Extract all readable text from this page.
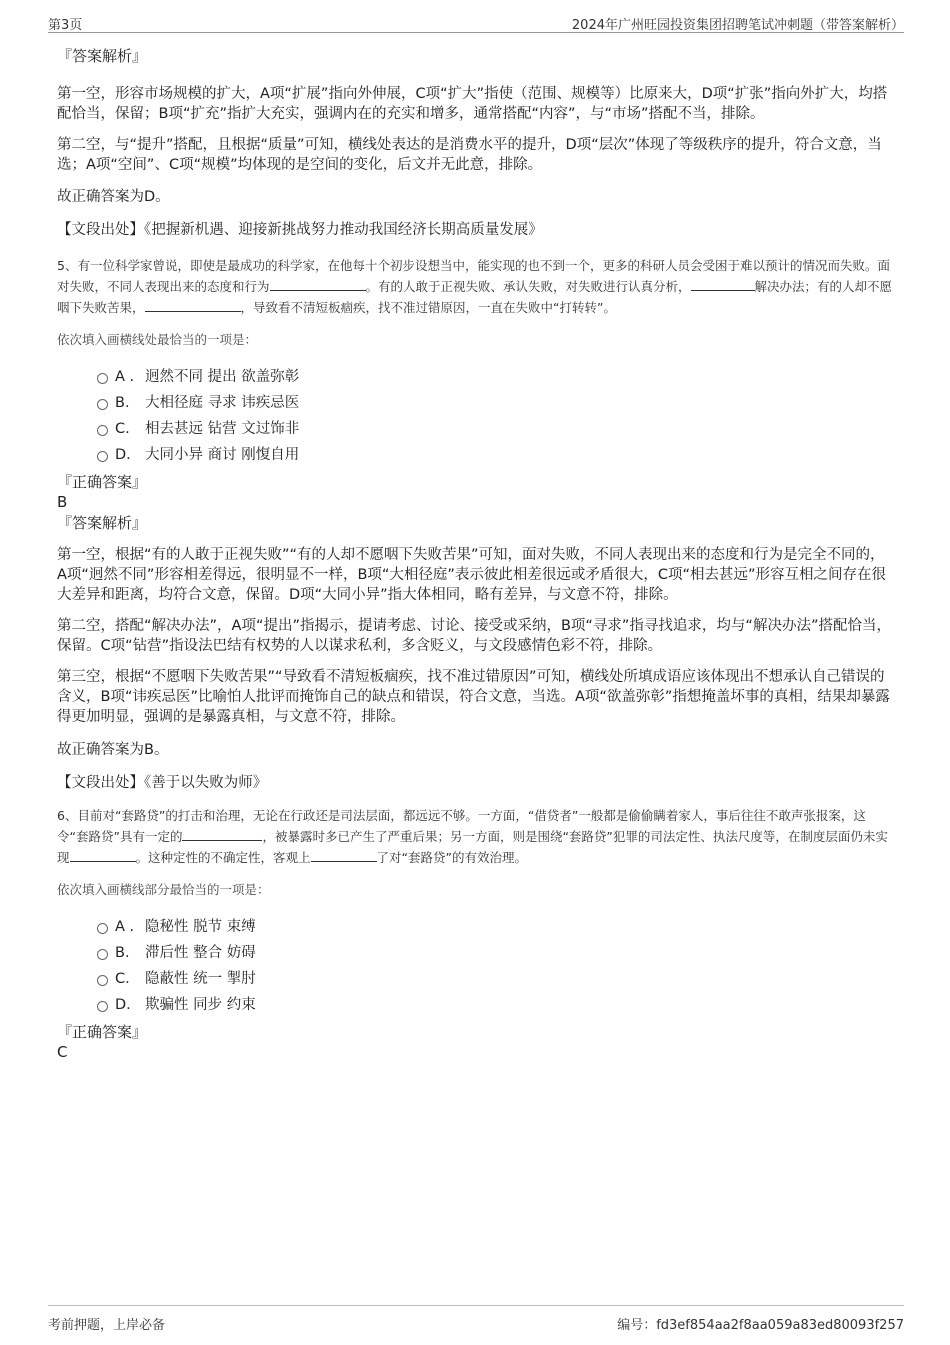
第3页	2024年广州旺园投资集团招聘笔试冲刺题（带答案解析）
『答案解析』

第一空，形容市场规模的扩大，A项“扩展”指向外伸展，C项“扩大”指使（范围、规模等）比原来大，D项“扩张”指向外扩大，均搭配恰当，保留；B项“扩充”指扩大充实，强调内在的充实和增多，通常搭配“内容”，与“市场”搭配不当，排除。

第二空，与“提升”搭配，且根据“质量”可知，横线处表达的是消费水平的提升，D项“层次”体现了等级秩序的提升，符合文意，当选；A项“空间”、C项“规模”均体现的是空间的变化，后文并无此意，排除。

故正确答案为D。

【文段出处】《把握新机遇、迎接新挑战努力推动我国经济长期高质量发展》

5、有一位科学家曾说，即使是最成功的科学家，在他每十个初步设想当中，能实现的也不到一个，更多的科研人员会受困于难以预计的情况而失败。面对失败，不同人表现出来的态度和行为	。有的人敢于正视失败、承认失败，对失败进行认真分析，	解决办法；有的人却不愿咽下失败苦果，	，导致看不清短板痼疾，找不准过错原因，一直在失败中“打转转”。

依次填入画横线处最恰当的一项是：

A . 迥然不同 提出 欲盖弥彰
B. 大相径庭 寻求 讳疾忌医
C. 相去甚远 钻营 文过饰非
D. 大同小异 商讨 刚愎自用
『正确答案』
B
『答案解析』

第一空，根据“有的人敢于正视失败”“有的人却不愿咽下失败苦果”可知，面对失败，不同人表现出来的态度和行为是完全不同的，A项“迥然不同”形容相差得远，很明显不一样，B项“大相径庭”表示彼此相差很远或矛盾很大，C项“相去甚远”形容互相之间存在很大差异和距离，均符合文意，保留。D项“大同小异”指大体相同，略有差异，与文意不符，排除。

第二空，搭配“解决办法”，A项“提出”指揭示，提请考虑、讨论、接受或采纳，B项“寻求”指寻找追求，均与“解决办法”搭配恰当，保留。C项“钻营”指设法巴结有权势的人以谋求私利，多含贬义，与文段感情色彩不符，排除。

第三空，根据“不愿咽下失败苦果”“导致看不清短板痼疾，找不准过错原因”可知，横线处所填成语应该体现出不想承认自己错误的含义，B项“讳疾忌医”比喻怕人批评而掩饰自己的缺点和错误，符合文意，当选。A项“欲盖弥彰”指想掩盖坏事的真相，结果却暴露得更加明显，强调的是暴露真相，与文意不符，排除。

故正确答案为B。

【文段出处】《善于以失败为师》

6、目前对“套路贷”的打击和治理，无论在行政还是司法层面，都远远不够。一方面，“借贷者”一般都是偷偷瞒着家人，事后往往不敢声张报案，这令“套路贷”具有一定的	，被暴露时多已产生了严重后果；另一方面，则是围绕“套路贷”犯罪的司法定性、执法尺度等，在制度层面仍未实现	。这种定性的不确定性，客观上	了对“套路贷”的有效治理。

依次填入画横线部分最恰当的一项是：

A . 隐秘性 脱节 束缚
B. 滞后性 整合 妨碍
C. 隐蔽性 统一 掣肘
D. 欺骗性 同步 约束
『正确答案』
C
考前押题，上岸必备	编号：fd3ef854aa2f8aa059a83ed80093f257
